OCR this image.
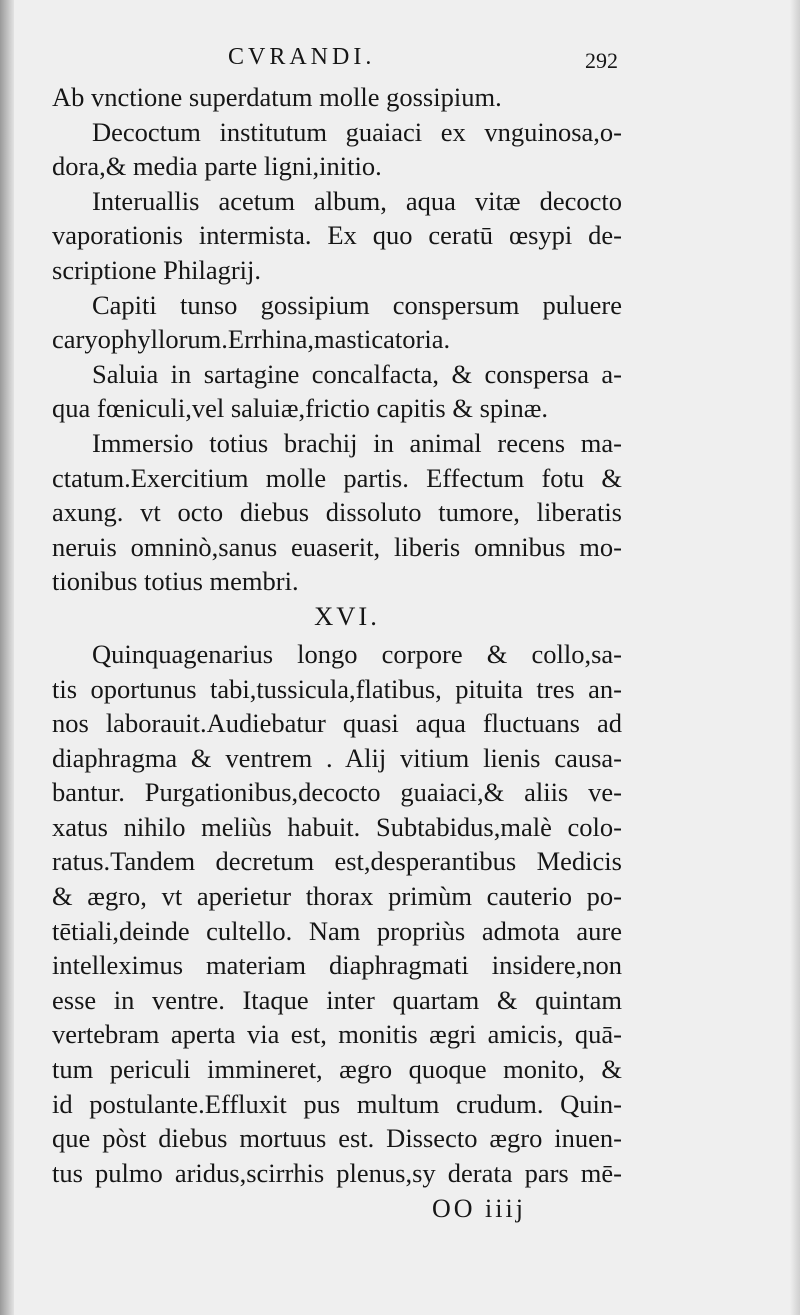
CVRANDI.	292
Ab vnctione superdatum molle gossipium.
Decoctum institutum guaiaci ex vnguinosa,o-
dora,& media parte ligni,initio.
Interuallis acetum album, aqua vitæ decocto
vaporationis intermista. Ex quo ceratū œsypi de-
scriptione Philagrij.
Capiti tunso gossipium conspersum puluere
caryophyllorum.Errhina,masticatoria.
Saluia in sartagine concalfacta, & conspersa a-
qua fœniculi,vel saluiæ,frictio capitis & spinæ.
Immersio totius brachij in animal recens ma-
ctatum.Exercitium molle partis. Effectum fotu &
axung. vt octo diebus dissoluto tumore, liberatis
neruis omninò,sanus euaserit, liberis omnibus mo-
tionibus totius membri.
XVI.
Quinquagenarius longo corpore & collo,sa-
tis oportunus tabi,tussicula,flatibus, pituita tres an-
nos laborauit.Audiebatur quasi aqua fluctuans ad
diaphragma & ventrem . Alij vitium lienis causa-
bantur. Purgationibus,decocto guaiaci,& aliis ve-
xatus nihilo meliùs habuit. Subtabidus,malè colo-
ratus.Tandem decretum est,desperantibus Medicis
& ægro, vt aperietur thorax primùm cauterio po-
tētiali,deinde cultello. Nam propriùs admota aure
intelleximus materiam diaphragmati insidere,non
esse in ventre. Itaque inter quartam & quintam
vertebram aperta via est, monitis ægri amicis, quā-
tum periculi immineret, ægro quoque monito, &
id postulante.Effluxit pus multum crudum. Quin-
que pòst diebus mortuus est. Dissecto ægro inuen-
tus pulmo aridus,scirrhis plenus,sy derata pars mē-
OO iiij
